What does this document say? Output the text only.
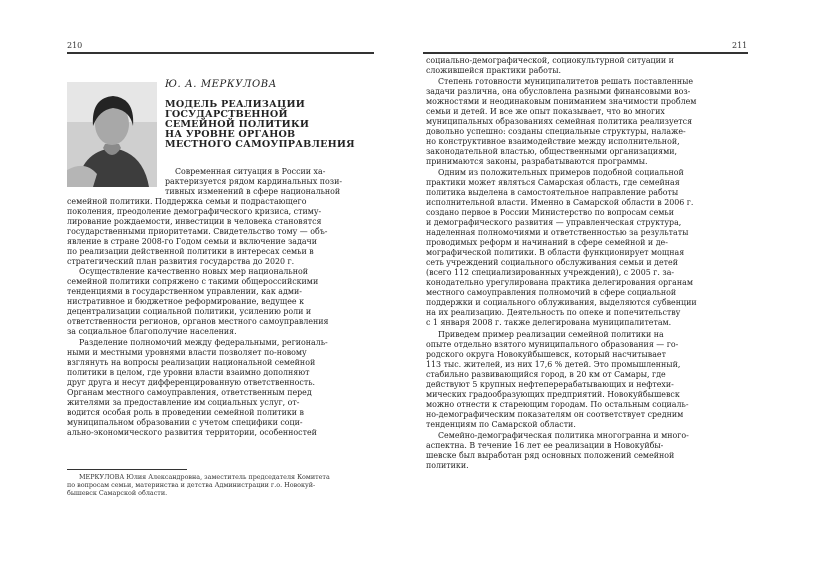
210
Ю. А. МЕРКУЛОВА
МОДЕЛЬ РЕАЛИЗАЦИИ
ГОСУДАРСТВЕННОЙ
СЕМЕЙНОЙ ПОЛИТИКИ
НА УРОВНЕ ОРГАНОВ
МЕСТНОГО САМОУПРАВЛЕНИЯ
Современная ситуация в России ха-
рактеризуется рядом кардинальных пози-
тивных изменений в сфере национальной
семейной политики. Поддержка семьи и подрастающего
поколения, преодоление демографического кризиса, стиму-
лирование рождаемости, инвестиции в человека становятся
государственными приоритетами. Свидетельство тому — объ-
явление в стране 2008-го Годом семьи и включение задачи
по реализации действенной политики в интересах семьи в
стратегический план развития государства до 2020 г.
Осуществление качественно новых мер национальной
семейной политики сопряжено с такими общероссийскими
тенденциями в государственном управлении, как адми-
нистративное и бюджетное реформирование, ведущее к
децентрализации социальной политики, усилению роли и
ответственности регионов, органов местного самоуправления
за социальное благополучие населения.
Разделение полномочий между федеральными, региональ-
ными и местными уровнями власти позволяет по-новому
взглянуть на вопросы реализации национальной семейной
политики в целом, где уровни власти взаимно дополняют
друг друга и несут дифференцированную ответственность.
Органам местного самоуправления, ответственным перед
жителями за предоставление им социальных услуг, от-
водится особая роль в проведении семейной политики в
муниципальном образовании с учетом специфики соци-
ально-экономического развития территории, особенностей
МЕРКУЛОВА Юлия Александровна, заместитель председателя Комитета
по вопросам семьи, материнства и детства Администрации г.о. Новокуй-
бышевск Самарской области.
211
социально-демографической, социокультурной ситуации и
сложившейся практики работы.
Степень готовности муниципалитетов решать поставленные
задачи различна, она обусловлена разными финансовыми воз-
можностями и неодинаковым пониманием значимости проблем
семьи и детей. И все же опыт показывает, что во многих
муниципальных образованиях семейная политика реализуется
довольно успешно: созданы специальные структуры, налаже-
но конструктивное взаимодействие между исполнительной,
законодательной властью, общественными организациями,
принимаются законы, разрабатываются программы.
Одним из положительных примеров подобной социальной
практики может являться Самарская область, где семейная
политика выделена в самостоятельное направление работы
исполнительной власти. Именно в Самарской области в 2006 г.
создано первое в России Министерство по вопросам семьи
и демографического развития — управленческая структура,
наделенная полномочиями и ответственностью за результаты
проводимых реформ и начинаний в сфере семейной и де-
мографической политики. В области функционирует мощная
сеть учреждений социального обслуживания семьи и детей
(всего 112 специализированных учреждений), с 2005 г. за-
конодательно урегулирована практика делегирования органам
местного самоуправления полномочий в сфере социальной
поддержки и социального облуживания, выделяются субвенции
на их реализацию. Деятельность по опеке и попечительству
с 1 января 2008 г. также делегирована муниципалитетам.
Приведем пример реализации семейной политики на
опыте отдельно взятого муниципального образования — го-
родского округа Новокуйбышевск, который насчитывает
113 тыс. жителей, из них 17,6 % детей. Это промышленный,
стабильно развивающийся город, в 20 км от Самары, где
действуют 5 крупных нефтеперерабатывающих и нефтехи-
мических градообразующих предприятий. Новокуйбышевск
можно отнести к стареющим городам. По остальным социаль-
но-демографическим показателям он соответствует средним
тенденциям по Самарской области.
Семейно-демографическая политика многогранна и много-
аспектна. В течение 16 лет ее реализации в Новокуйбы-
шевске был выработан ряд основных положений семейной
политики.
